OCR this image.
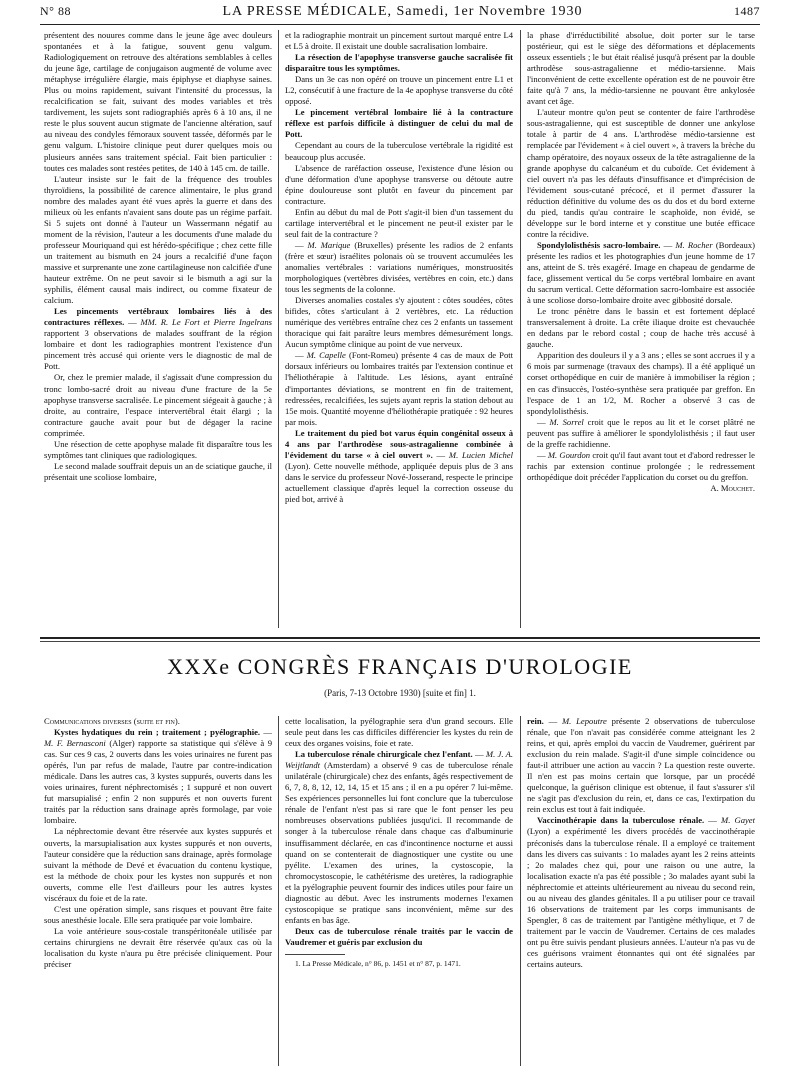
N° 88	LA PRESSE MÉDICALE, Samedi, 1er Novembre 1930	1487

présentent des nouures comme dans le jeune âge avec douleurs spontanées et à la fatigue, souvent genu valgum. Radiologiquement on retrouve des altérations semblables à celles du jeune âge, cartilage de conjugaison augmenté de volume avec métaphyse irrégulière élargie, mais épiphyse et diaphyse saines. Plus ou moins rapidement, suivant l'intensité du processus, la recalcification se fait, suivant des modes variables et très tardivement, les sujets sont radiographiés après 6 à 10 ans, il ne reste le plus souvent aucun stigmate de l'ancienne altération, sauf au niveau des condyles fémoraux souvent tassée, déformés par le genu valgum. L'histoire clinique peut durer quelques mois ou plusieurs années sans traitement spécial. Fait bien particulier : toutes ces malades sont restées petites, de 140 à 145 cm. de taille.

L'auteur insiste sur le fait de la fréquence des troubles thyroïdiens, la possibilité de carence alimentaire, le plus grand nombre des malades ayant été vues après la guerre et dans des milieux où les enfants n'avaient sans doute pas un régime parfait. Si 5 sujets ont donné à l'auteur un Wassermann négatif au moment de la révision, l'auteur a les documents d'une malade du professeur Mouriquand qui est hérédo-spécifique ; chez cette fille un traitement au bismuth en 24 jours a recalcifié d'une façon massive et surprenante une zone cartilagineuse non calcifiée d'une hauteur extrême. On ne peut savoir si le bismuth a agi sur la syphilis, élément causal mais indirect, ou comme fixateur de calcium.

Les pincements vertébraux lombaires liés à des contractures réflexes. — MM. R. Le Fort et Pierre Ingelrans rapportent 3 observations de malades souffrant de la région lombaire et dont les radiographies montrent l'existence d'un pincement très accusé qui oriente vers le diagnostic de mal de Pott.

Or, chez le premier malade, il s'agissait d'une compression du tronc lombo-sacré droit au niveau d'une fracture de la 5e apophyse transverse sacralisée. Le pincement siégeait à gauche ; à droite, au contraire, l'espace intervertébral était élargi ; la contracture gauche avait pour but de dégager la racine comprimée.

Une résection de cette apophyse malade fit disparaître tous les symptômes tant cliniques que radiologiques.

Le second malade souffrait depuis un an de sciatique gauche, il présentait une scoliose lombaire,

et la radiographie montrait un pincement surtout marqué entre L4 et L5 à droite. Il existait une double sacralisation lombaire.

La résection de l'apophyse transverse gauche sacralisée fit disparaître tous les symptômes.

Dans un 3e cas non opéré on trouve un pincement entre L1 et L2, consécutif à une fracture de la 4e apophyse transverse du côté opposé.

Le pincement vertébral lombaire lié à la contracture réflexe est parfois difficile à distinguer de celui du mal de Pott.

Cependant au cours de la tuberculose vertébrale la rigidité est beaucoup plus accusée.

L'absence de raréfaction osseuse, l'existence d'une lésion ou d'une déformation d'une apophyse transverse ou détoute autre épine douloureuse sont plutôt en faveur du pincement par contracture.

Enfin au début du mal de Pott s'agit-il bien d'un tassement du cartilage intervertébral et le pincement ne peut-il exister par le seul fait de la contracture ?

— M. Marique (Bruxelles) présente les radios de 2 enfants (frère et sœur) israélites polonais où se trouvent accumulées les anomalies vertébrales : variations numériques, monstruosités morphologiques (vertèbres divisées, vertèbres en coin, etc.) dans tous les segments de la colonne.

Diverses anomalies costales s'y ajoutent : côtes soudées, côtes bifides, côtes s'articulant à 2 vertèbres, etc. La réduction numérique des vertèbres entraîne chez ces 2 enfants un tassement thoracique qui fait paraître leurs membres démesurément longs. Aucun symptôme clinique au point de vue nerveux.

— M. Capelle (Font-Romeu) présente 4 cas de maux de Pott dorsaux inférieurs ou lombaires traités par l'extension continue et l'héliothérapie à l'altitude. Les lésions, ayant entraîné d'importantes déviations, se montrent en fin de traitement, redressées, recalcifiées, les sujets ayant repris la station debout au 15e mois. Quantité moyenne d'héliothérapie pratiquée : 92 heures par mois.

Le traitement du pied bot varus équin congénital osseux à 4 ans par l'arthrodèse sous-astragalienne combinée à l'évidement du tarse « à ciel ouvert ». — M. Lucien Michel (Lyon). Cette nouvelle méthode, appliquée depuis plus de 3 ans dans le service du professeur Nové-Josserand, respecte le principe actuellement classique d'après lequel la correction osseuse du pied bot, arrivé à

la phase d'irréductibilité absolue, doit porter sur le tarse postérieur, qui est le siège des déformations et déplacements osseux essentiels ; le but était réalisé jusqu'à présent par la double arthrodèse sous-astragalienne et médio-tarsienne. Mais l'inconvénient de cette excellente opération est de ne pouvoir être faite qu'à 7 ans, la médio-tarsienne ne pouvant être ankylosée avant cet âge.

L'auteur montre qu'on peut se contenter de faire l'arthrodèse sous-astragalienne, qui est susceptible de donner une ankylose totale à partir de 4 ans. L'arthrodèse médio-tarsienne est remplacée par l'évidement « à ciel ouvert », à travers la brèche du champ opératoire, des noyaux osseux de la tête astragalienne de la grande apophyse du calcanéum et du cuboïde. Cet évidement à ciel ouvert n'a pas les défauts d'insuffisance et d'imprécision de l'évidement sous-cutané précocé, et il permet d'assurer la réduction définitive du volume des os du dos et du bord externe du pied, tandis qu'au contraire le scaphoïde, non évidé, se développe sur le bord interne et y constitue une butée efficace contre la récidive.

Spondylolisthésis sacro-lombaire. — M. Rocher (Bordeaux) présente les radios et les photographies d'un jeune homme de 17 ans, atteint de S. très exagéré. Image en chapeau de gendarme de face, glissement vertical du 5e corps vertébral lombaire en avant du sacrum vertical. Cette déformation sacro-lombaire est associée à une scoliose dorso-lombaire droite avec gibbosité dorsale.

Le tronc pénètre dans le bassin et est fortement déplacé transversalement à droite. La crête iliaque droite est chevauchée en dedans par le rebord costal ; coup de hache très accusé à gauche.

Apparition des douleurs il y a 3 ans ; elles se sont accrues il y a 6 mois par surmenage (travaux des champs). Il a été appliqué un corset orthopédique en cuir de manière à immobiliser la région ; en cas d'insuccès, l'ostéo-synthèse sera pratiquée par greffon. En l'espace de 1 an 1/2, M. Rocher a observé 3 cas de spondylolisthésis.

— M. Sorrel croit que le repos au lit et le corset plâtré ne peuvent pas suffire à améliorer le spondylolisthésis ; il faut user de la greffe rachidienne.

— M. Gourdon croit qu'il faut avant tout et d'abord redresser le rachis par extension continue prolongée ; le redressement orthopédique doit précéder l'application du corset ou du greffon.

A. Mouchet.
XXXe CONGRÈS FRANÇAIS D'UROLOGIE
(Paris, 7-13 Octobre 1930) [suite et fin] 1.

Communications diverses (suite et fin).

Kystes hydatiques du rein ; traitement ; pyélographie. — M. F. Bernasconi (Alger) rapporte sa statistique qui s'élève à 9 cas. Sur ces 9 cas, 2 ouverts dans les voies urinaires ne furent pas opérés, l'un par refus de malade, l'autre par contre-indication médicale. Dans les autres cas, 3 kystes suppurés, ouverts dans les voies urinaires, furent néphrectomisés ; 1 suppuré et non ouvert fut marsupialisé ; enfin 2 non suppurés et non ouverts furent traités par la réduction sans drainage après formolage, par voie lombaire.

La néphrectomie devant être réservée aux kystes suppurés et ouverts, la marsupialisation aux kystes suppurés et non ouverts, l'auteur considère que la réduction sans drainage, après formolage suivant la méthode de Devé et évacuation du contenu kystique, est la méthode de choix pour les kystes non suppurés et non ouverts, comme elle l'est d'ailleurs pour les autres kystes viscéraux du foie et de la rate.

C'est une opération simple, sans risques et pouvant être faite sous anesthésie locale. Elle sera pratiquée par voie lombaire.

La voie antérieure sous-costale transpéritonéale utilisée par certains chirurgiens ne devrait être réservée qu'aux cas où la localisation du kyste n'aura pu être précisée cliniquement. Pour préciser

cette localisation, la pyélographie sera d'un grand secours. Elle seule peut dans les cas difficiles différencier les kystes du rein de ceux des organes voisins, foie et rate.

La tuberculose rénale chirurgicale chez l'enfant. — M. J. A. Weijtlandt (Amsterdam) a observé 9 cas de tuberculose rénale unilatérale (chirurgicale) chez des enfants, âgés respectivement de 6, 7, 8, 8, 12, 12, 14, 15 et 15 ans ; il en a pu opérer 7 lui-même. Ses expériences personnelles lui font conclure que la tuberculose rénale de l'enfant n'est pas si rare que le font penser les peu nombreuses observations publiées jusqu'ici. Il recommande de songer à la tuberculose rénale dans chaque cas d'albuminurie insuffisamment déclarée, en cas d'incontinence nocturne et aussi quand on se contenterait de diagnostiquer une cystite ou une pyélite. L'examen des urines, la cystoscopie, la chromocystoscopie, le cathétérisme des uretères, la radiographie et la pyélographie peuvent fournir des indices utiles pour faire un diagnostic au début. Avec les instruments modernes l'examen cystoscopique se pratique sans inconvénient, même sur des enfants en bas âge.

Deux cas de tuberculose rénale traités par le vaccin de Vaudremer et guéris par exclusion du

1. La Presse Médicale, n° 86, p. 1451 et n° 87, p. 1471.

rein. — M. Lepoutre présente 2 observations de tuberculose rénale, que l'on n'avait pas considérée comme atteignant les 2 reins, et qui, après emploi du vaccin de Vaudremer, guérirent par exclusion du rein malade. S'agit-il d'une simple coïncidence ou faut-il attribuer une action au vaccin ? La question reste ouverte. Il n'en est pas moins certain que lorsque, par un procédé quelconque, la guérison clinique est obtenue, il faut s'assurer s'il ne s'agit pas d'exclusion du rein, et, dans ce cas, l'extirpation du rein exclus est tout à fait indiquée.

Vaccinothérapie dans la tuberculose rénale. — M. Gayet (Lyon) a expérimenté les divers procédés de vaccinothérapie préconisés dans la tuberculose rénale. Il a employé ce traitement dans les divers cas suivants : 1o malades ayant les 2 reins atteints ; 2o malades chez qui, pour une raison ou une autre, la localisation exacte n'a pas été possible ; 3o malades ayant subi la néphrectomie et atteints ultérieurement au niveau du second rein, ou au niveau des glandes génitales. Il a pu utiliser pour ce travail 16 observations de traitement par les corps immunisants de Spengler, 8 cas de traitement par l'antigène méthylique, et 7 de traitement par le vaccin de Vaudremer. Certains de ces malades ont pu être suivis pendant plusieurs années. L'auteur n'a pas vu de ces guérisons vraiment étonnantes qui ont été signalées par certains auteurs.
